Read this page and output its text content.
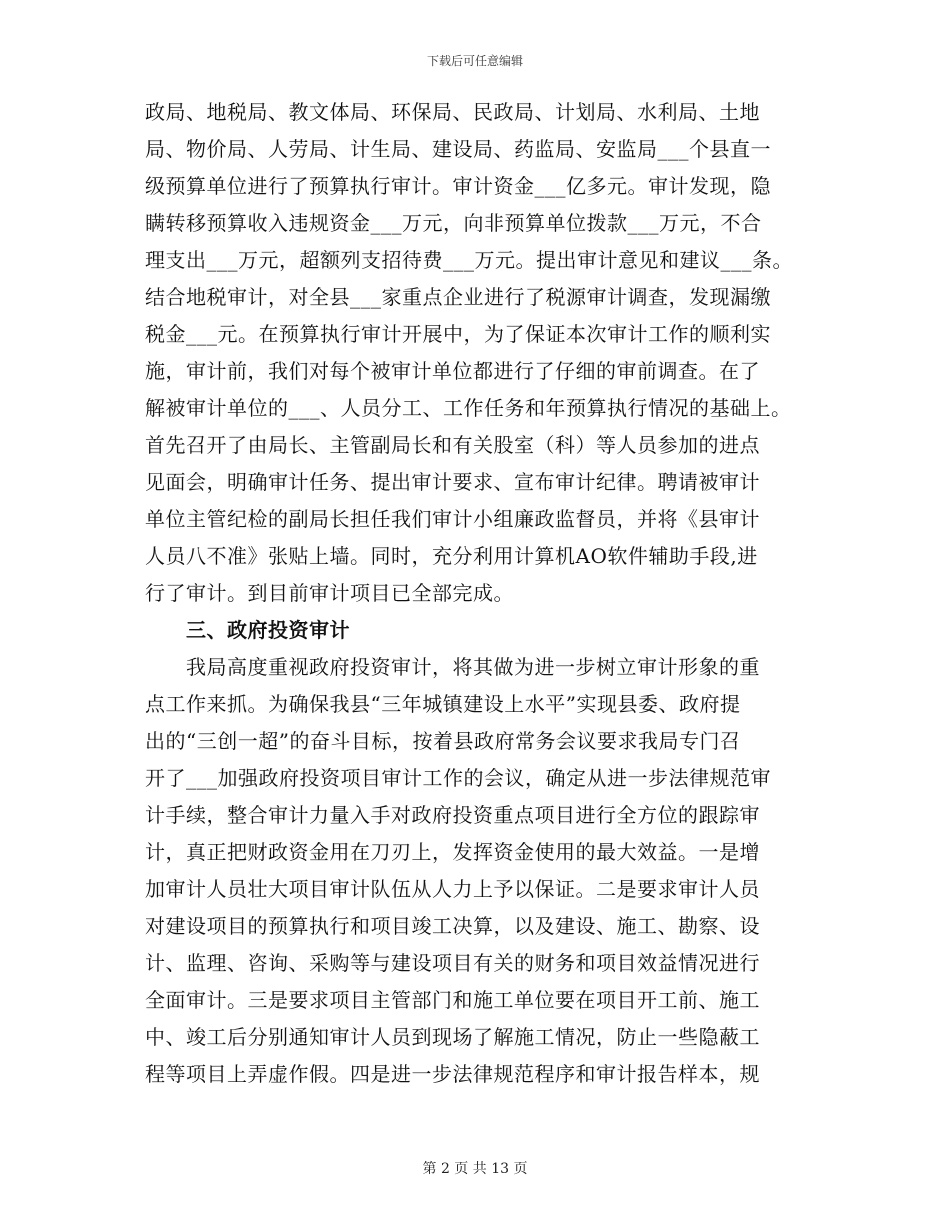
下载后可任意编辑
政局、地税局、教文体局、环保局、民政局、计划局、水利局、土地
局、物价局、人劳局、计生局、建设局、药监局、安监局___个县直一
级预算单位进行了预算执行审计。审计资金___亿多元。审计发现，隐
瞒转移预算收入违规资金___万元，向非预算单位拨款___万元，不合
理支出___万元，超额列支招待费___万元。提出审计意见和建议___条。
结合地税审计，对全县___家重点企业进行了税源审计调查，发现漏缴
税金___元。在预算执行审计开展中，为了保证本次审计工作的顺利实
施，审计前，我们对每个被审计单位都进行了仔细的审前调查。在了
解被审计单位的___、人员分工、工作任务和年预算执行情况的基础上。
首先召开了由局长、主管副局长和有关股室（科）等人员参加的进点
见面会，明确审计任务、提出审计要求、宣布审计纪律。聘请被审计
单位主管纪检的副局长担任我们审计小组廉政监督员，并将《县审计
人员八不准》张贴上墙。同时，充分利用计算机AO软件辅助手段,进
行了审计。到目前审计项目已全部完成。
三、政府投资审计
我局高度重视政府投资审计，将其做为进一步树立审计形象的重
点工作来抓。为确保我县“三年城镇建设上水平”实现县委、政府提
出的“三创一超”的奋斗目标，按着县政府常务会议要求我局专门召
开了___加强政府投资项目审计工作的会议，确定从进一步法律规范审
计手续，整合审计力量入手对政府投资重点项目进行全方位的跟踪审
计，真正把财政资金用在刀刃上，发挥资金使用的最大效益。一是增
加审计人员壮大项目审计队伍从人力上予以保证。二是要求审计人员
对建设项目的预算执行和项目竣工决算，以及建设、施工、勘察、设
计、监理、咨询、采购等与建设项目有关的财务和项目效益情况进行
全面审计。三是要求项目主管部门和施工单位要在项目开工前、施工
中、竣工后分别通知审计人员到现场了解施工情况，防止一些隐蔽工
程等项目上弄虚作假。四是进一步法律规范程序和审计报告样本，规
第 2 页 共 13 页
